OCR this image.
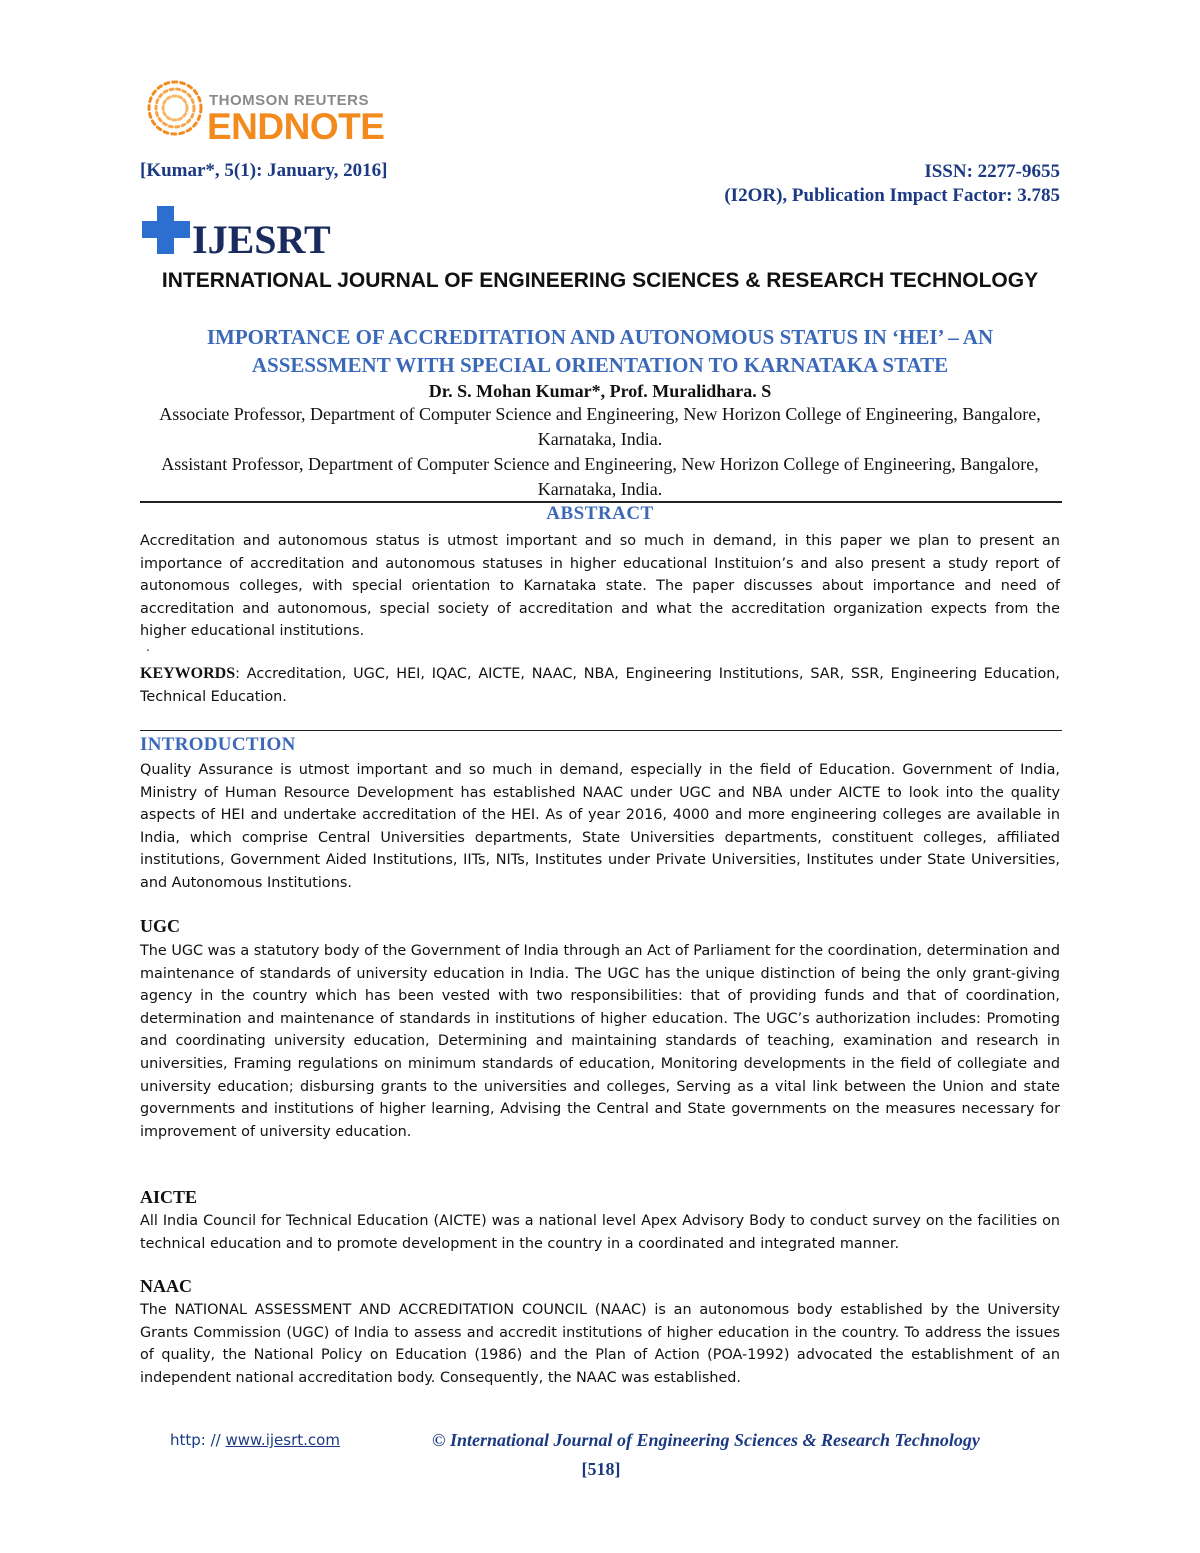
THOMSON REUTERS
ENDNOTE
[Kumar*, 5(1): January, 2016]	ISSN: 2277-9655
(I2OR), Publication Impact Factor: 3.785
IJESRT
INTERNATIONAL JOURNAL OF ENGINEERING SCIENCES & RESEARCH TECHNOLOGY
IMPORTANCE OF ACCREDITATION AND AUTONOMOUS STATUS IN ‘HEI’ – AN ASSESSMENT WITH SPECIAL ORIENTATION TO KARNATAKA STATE
Dr. S. Mohan Kumar*, Prof. Muralidhara. S
Associate Professor, Department of Computer Science and Engineering, New Horizon College of Engineering, Bangalore, Karnataka, India.
Assistant Professor, Department of Computer Science and Engineering, New Horizon College of Engineering, Bangalore, Karnataka, India.
ABSTRACT
Accreditation and autonomous status is utmost important and so much in demand, in this paper we plan to present an importance of accreditation and autonomous statuses in higher educational Instituion’s and also present a study report of autonomous colleges, with special orientation to Karnataka state. The paper discusses about importance and need of accreditation and autonomous, special society of accreditation and what the accreditation organization expects from the higher educational institutions.
.
KEYWORDS: Accreditation, UGC, HEI, IQAC, AICTE, NAAC, NBA, Engineering Institutions, SAR, SSR, Engineering Education, Technical Education.
INTRODUCTION
Quality Assurance is utmost important and so much in demand, especially in the field of Education. Government of India, Ministry of Human Resource Development has established NAAC under UGC and NBA under AICTE to look into the quality aspects of HEI and undertake accreditation of the HEI. As of year 2016, 4000 and more engineering colleges are available in India, which comprise Central Universities departments, State Universities departments, constituent colleges, affiliated institutions, Government Aided Institutions, IITs, NITs, Institutes under Private Universities, Institutes under State Universities, and Autonomous Institutions.
UGC
The UGC was a statutory body of the Government of India through an Act of Parliament for the coordination, determination and maintenance of standards of university education in India. The UGC has the unique distinction of being the only grant-giving agency in the country which has been vested with two responsibilities: that of providing funds and that of coordination, determination and maintenance of standards in institutions of higher education. The UGC’s authorization includes: Promoting and coordinating university education, Determining and maintaining standards of teaching, examination and research in universities, Framing regulations on minimum standards of education, Monitoring developments in the field of collegiate and university education; disbursing grants to the universities and colleges, Serving as a vital link between the Union and state governments and institutions of higher learning, Advising the Central and State governments on the measures necessary for improvement of university education.
AICTE
All India Council for Technical Education (AICTE) was a national level Apex Advisory Body to conduct survey on the facilities on technical education and to promote development in the country in a coordinated and integrated manner.
NAAC
The NATIONAL ASSESSMENT AND ACCREDITATION COUNCIL (NAAC) is an autonomous body established by the University Grants Commission (UGC) of India to assess and accredit institutions of higher education in the country. To address the issues of quality, the National Policy on Education (1986) and the Plan of Action (POA-1992) advocated the establishment of an independent national accreditation body. Consequently, the NAAC was established.
http: // www.ijesrt.com	© International Journal of Engineering Sciences & Research Technology
[518]
